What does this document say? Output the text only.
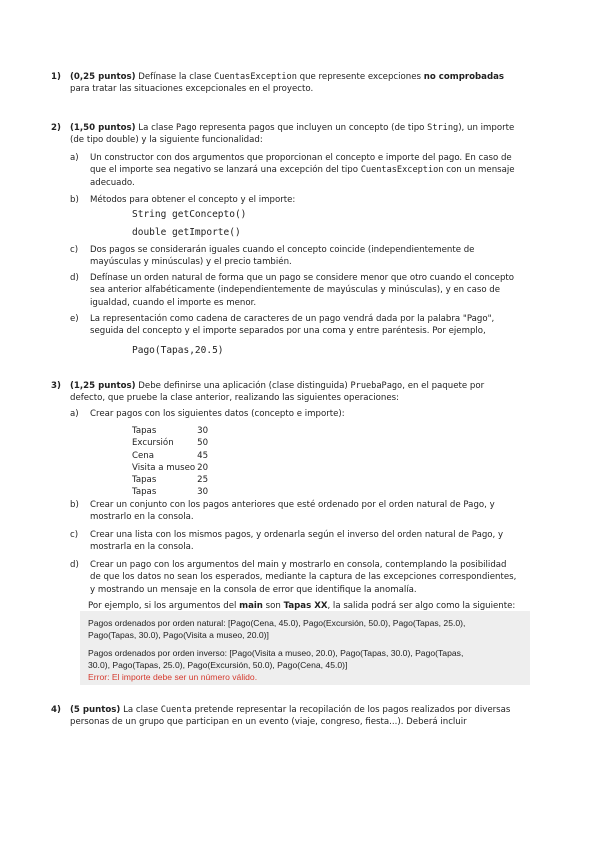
1) (0,25 puntos) Defínase la clase CuentasException que represente excepciones no comprobadas
para tratar las situaciones excepcionales en el proyecto.
2) (1,50 puntos) La clase Pago representa pagos que incluyen un concepto (de tipo String), un importe
(de tipo double) y la siguiente funcionalidad:
a) Un constructor con dos argumentos que proporcionan el concepto e importe del pago. En caso de
que el importe sea negativo se lanzará una excepción del tipo CuentasException con un mensaje
adecuado.
b) Métodos para obtener el concepto y el importe:
String getConcepto()
double getImporte()
c) Dos pagos se considerarán iguales cuando el concepto coincide (independientemente de
mayúsculas y minúsculas) y el precio también.
d) Defínase un orden natural de forma que un pago se considere menor que otro cuando el concepto
sea anterior alfabéticamente (independientemente de mayúsculas y minúsculas), y en caso de
igualdad, cuando el importe es menor.
e) La representación como cadena de caracteres de un pago vendrá dada por la palabra "Pago",
seguida del concepto y el importe separados por una coma y entre paréntesis. Por ejemplo,
Pago(Tapas,20.5)
3) (1,25 puntos) Debe definirse una aplicación (clase distinguida) PruebaPago, en el paquete por
defecto, que pruebe la clase anterior, realizando las siguientes operaciones:
a) Crear pagos con los siguientes datos (concepto e importe):
Tapas	30
Excursión	50
Cena	45
Visita a museo	20
Tapas	25
Tapas	30
b) Crear un conjunto con los pagos anteriores que esté ordenado por el orden natural de Pago, y
mostrarlo en la consola.
c) Crear una lista con los mismos pagos, y ordenarla según el inverso del orden natural de Pago, y
mostrarla en la consola.
d) Crear un pago con los argumentos del main y mostrarlo en consola, contemplando la posibilidad
de que los datos no sean los esperados, mediante la captura de las excepciones correspondientes,
y mostrando un mensaje en la consola de error que identifique la anomalía.
Por ejemplo, si los argumentos del main son Tapas XX, la salida podrá ser algo como la siguiente:
Pagos ordenados por orden natural: [Pago(Cena, 45.0), Pago(Excursión, 50.0), Pago(Tapas, 25.0),
Pago(Tapas, 30.0), Pago(Visita a museo, 20.0)]
Pagos ordenados por orden inverso: [Pago(Visita a museo, 20.0), Pago(Tapas, 30.0), Pago(Tapas,
30.0), Pago(Tapas, 25.0), Pago(Excursión, 50.0), Pago(Cena, 45.0)]
Error: El importe debe ser un número válido.
4) (5 puntos) La clase Cuenta pretende representar la recopilación de los pagos realizados por diversas
personas de un grupo que participan en un evento (viaje, congreso, fiesta...). Deberá incluir
